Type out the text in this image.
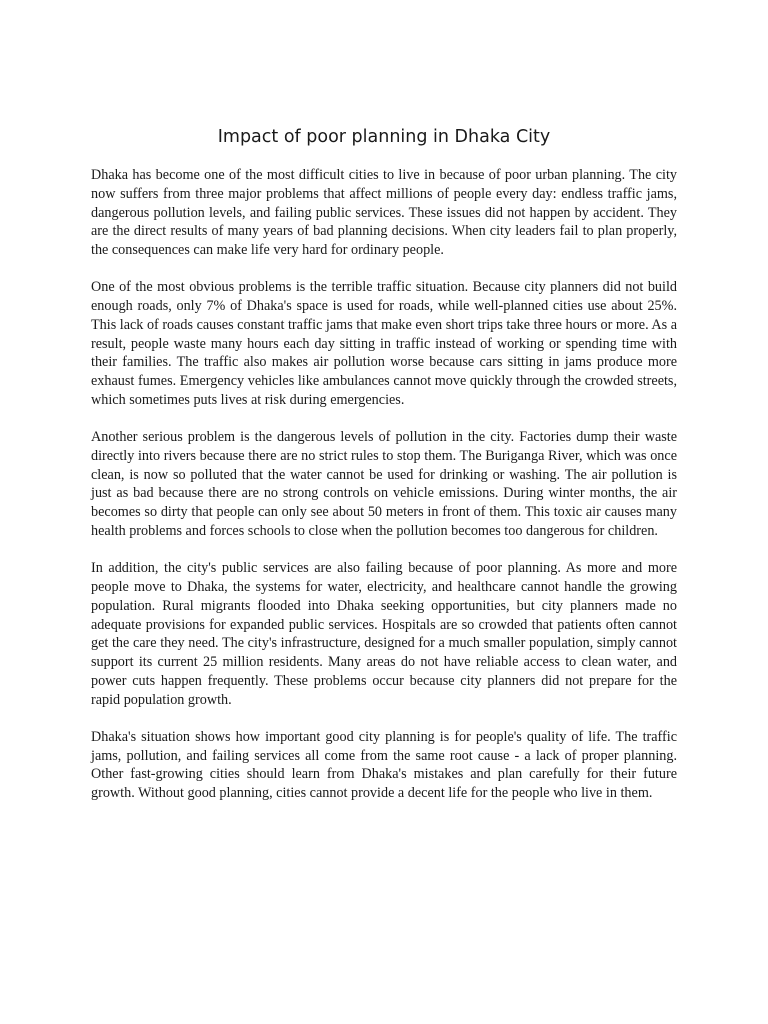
Impact of poor planning in Dhaka City

Dhaka has become one of the most difficult cities to live in because of poor urban planning. The city now suffers from three major problems that affect millions of people every day: endless traffic jams, dangerous pollution levels, and failing public services. These issues did not happen by accident. They are the direct results of many years of bad planning decisions. When city leaders fail to plan properly, the consequences can make life very hard for ordinary people.

One of the most obvious problems is the terrible traffic situation. Because city planners did not build enough roads, only 7% of Dhaka's space is used for roads, while well-planned cities use about 25%. This lack of roads causes constant traffic jams that make even short trips take three hours or more. As a result, people waste many hours each day sitting in traffic instead of working or spending time with their families. The traffic also makes air pollution worse because cars sitting in jams produce more exhaust fumes. Emergency vehicles like ambulances cannot move quickly through the crowded streets, which sometimes puts lives at risk during emergencies.

Another serious problem is the dangerous levels of pollution in the city. Factories dump their waste directly into rivers because there are no strict rules to stop them. The Buriganga River, which was once clean, is now so polluted that the water cannot be used for drinking or washing. The air pollution is just as bad because there are no strong controls on vehicle emissions. During winter months, the air becomes so dirty that people can only see about 50 meters in front of them. This toxic air causes many health problems and forces schools to close when the pollution becomes too dangerous for children.

In addition, the city's public services are also failing because of poor planning. As more and more people move to Dhaka, the systems for water, electricity, and healthcare cannot handle the growing population. Rural migrants flooded into Dhaka seeking opportunities, but city planners made no adequate provisions for expanded public services. Hospitals are so crowded that patients often cannot get the care they need. The city's infrastructure, designed for a much smaller population, simply cannot support its current 25 million residents. Many areas do not have reliable access to clean water, and power cuts happen frequently. These problems occur because city planners did not prepare for the rapid population growth.

Dhaka's situation shows how important good city planning is for people's quality of life. The traffic jams, pollution, and failing services all come from the same root cause - a lack of proper planning. Other fast-growing cities should learn from Dhaka's mistakes and plan carefully for their future growth. Without good planning, cities cannot provide a decent life for the people who live in them.
